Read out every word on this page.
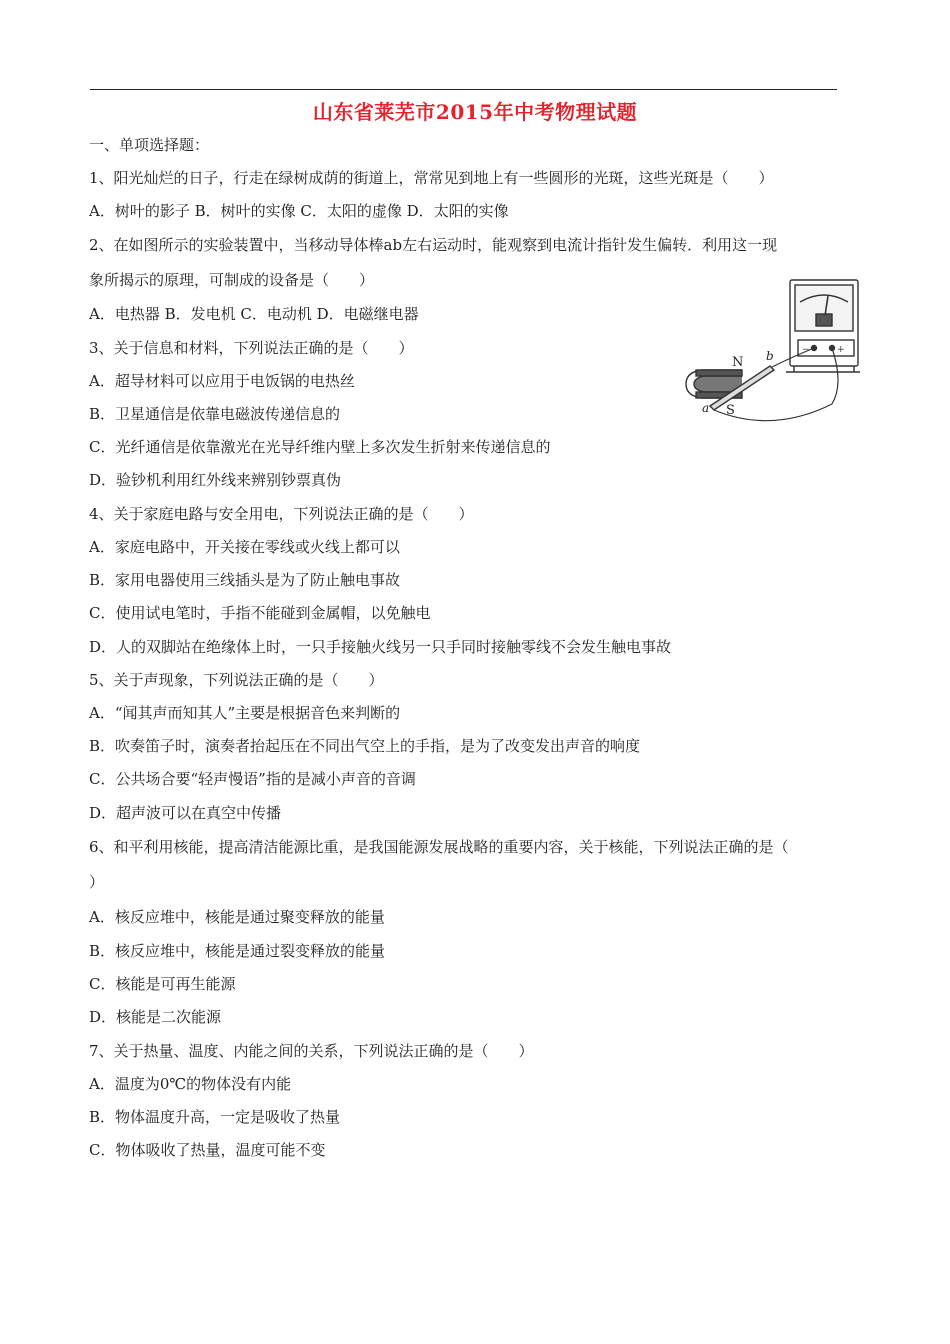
山东省莱芜市2015年中考物理试题
一、单项选择题：
1、阳光灿烂的日子，行走在绿树成荫的街道上，常常见到地上有一些圆形的光斑，这些光斑是（　　）
A．树叶的影子 B．树叶的实像 C．太阳的虚像 D．太阳的实像
2、在如图所示的实验装置中，当移动导体棒ab左右运动时，能观察到电流计指针发生偏转．利用这一现
象所揭示的原理，可制成的设备是（　　）
A．电热器 B．发电机 C．电动机 D．电磁继电器
3、关于信息和材料，下列说法正确的是（　　）
A．超导材料可以应用于电饭锅的电热丝
B．卫星通信是依靠电磁波传递信息的
C．光纤通信是依靠激光在光导纤维内壁上多次发生折射来传递信息的
D．验钞机利用红外线来辨别钞票真伪
4、关于家庭电路与安全用电，下列说法正确的是（　　）
A．家庭电路中，开关接在零线或火线上都可以
B．家用电器使用三线插头是为了防止触电事故
C．使用试电笔时，手指不能碰到金属帽，以免触电
D．人的双脚站在绝缘体上时，一只手接触火线另一只手同时接触零线不会发生触电事故
5、关于声现象，下列说法正确的是（　　）
A．“闻其声而知其人”主要是根据音色来判断的
B．吹奏笛子时，演奏者抬起压在不同出气空上的手指，是为了改变发出声音的响度
C．公共场合要“轻声慢语”指的是减小声音的音调
D．超声波可以在真空中传播
6、和平利用核能，提高清洁能源比重，是我国能源发展战略的重要内容，关于核能，下列说法正确的是（
）
A．核反应堆中，核能是通过聚变释放的能量
B．核反应堆中，核能是通过裂变释放的能量
C．核能是可再生能源
D．核能是二次能源
7、关于热量、温度、内能之间的关系，下列说法正确的是（　　）
A．温度为0℃的物体没有内能
B．物体温度升高，一定是吸收了热量
C．物体吸收了热量，温度可能不变
−	+
N
S
a
b
